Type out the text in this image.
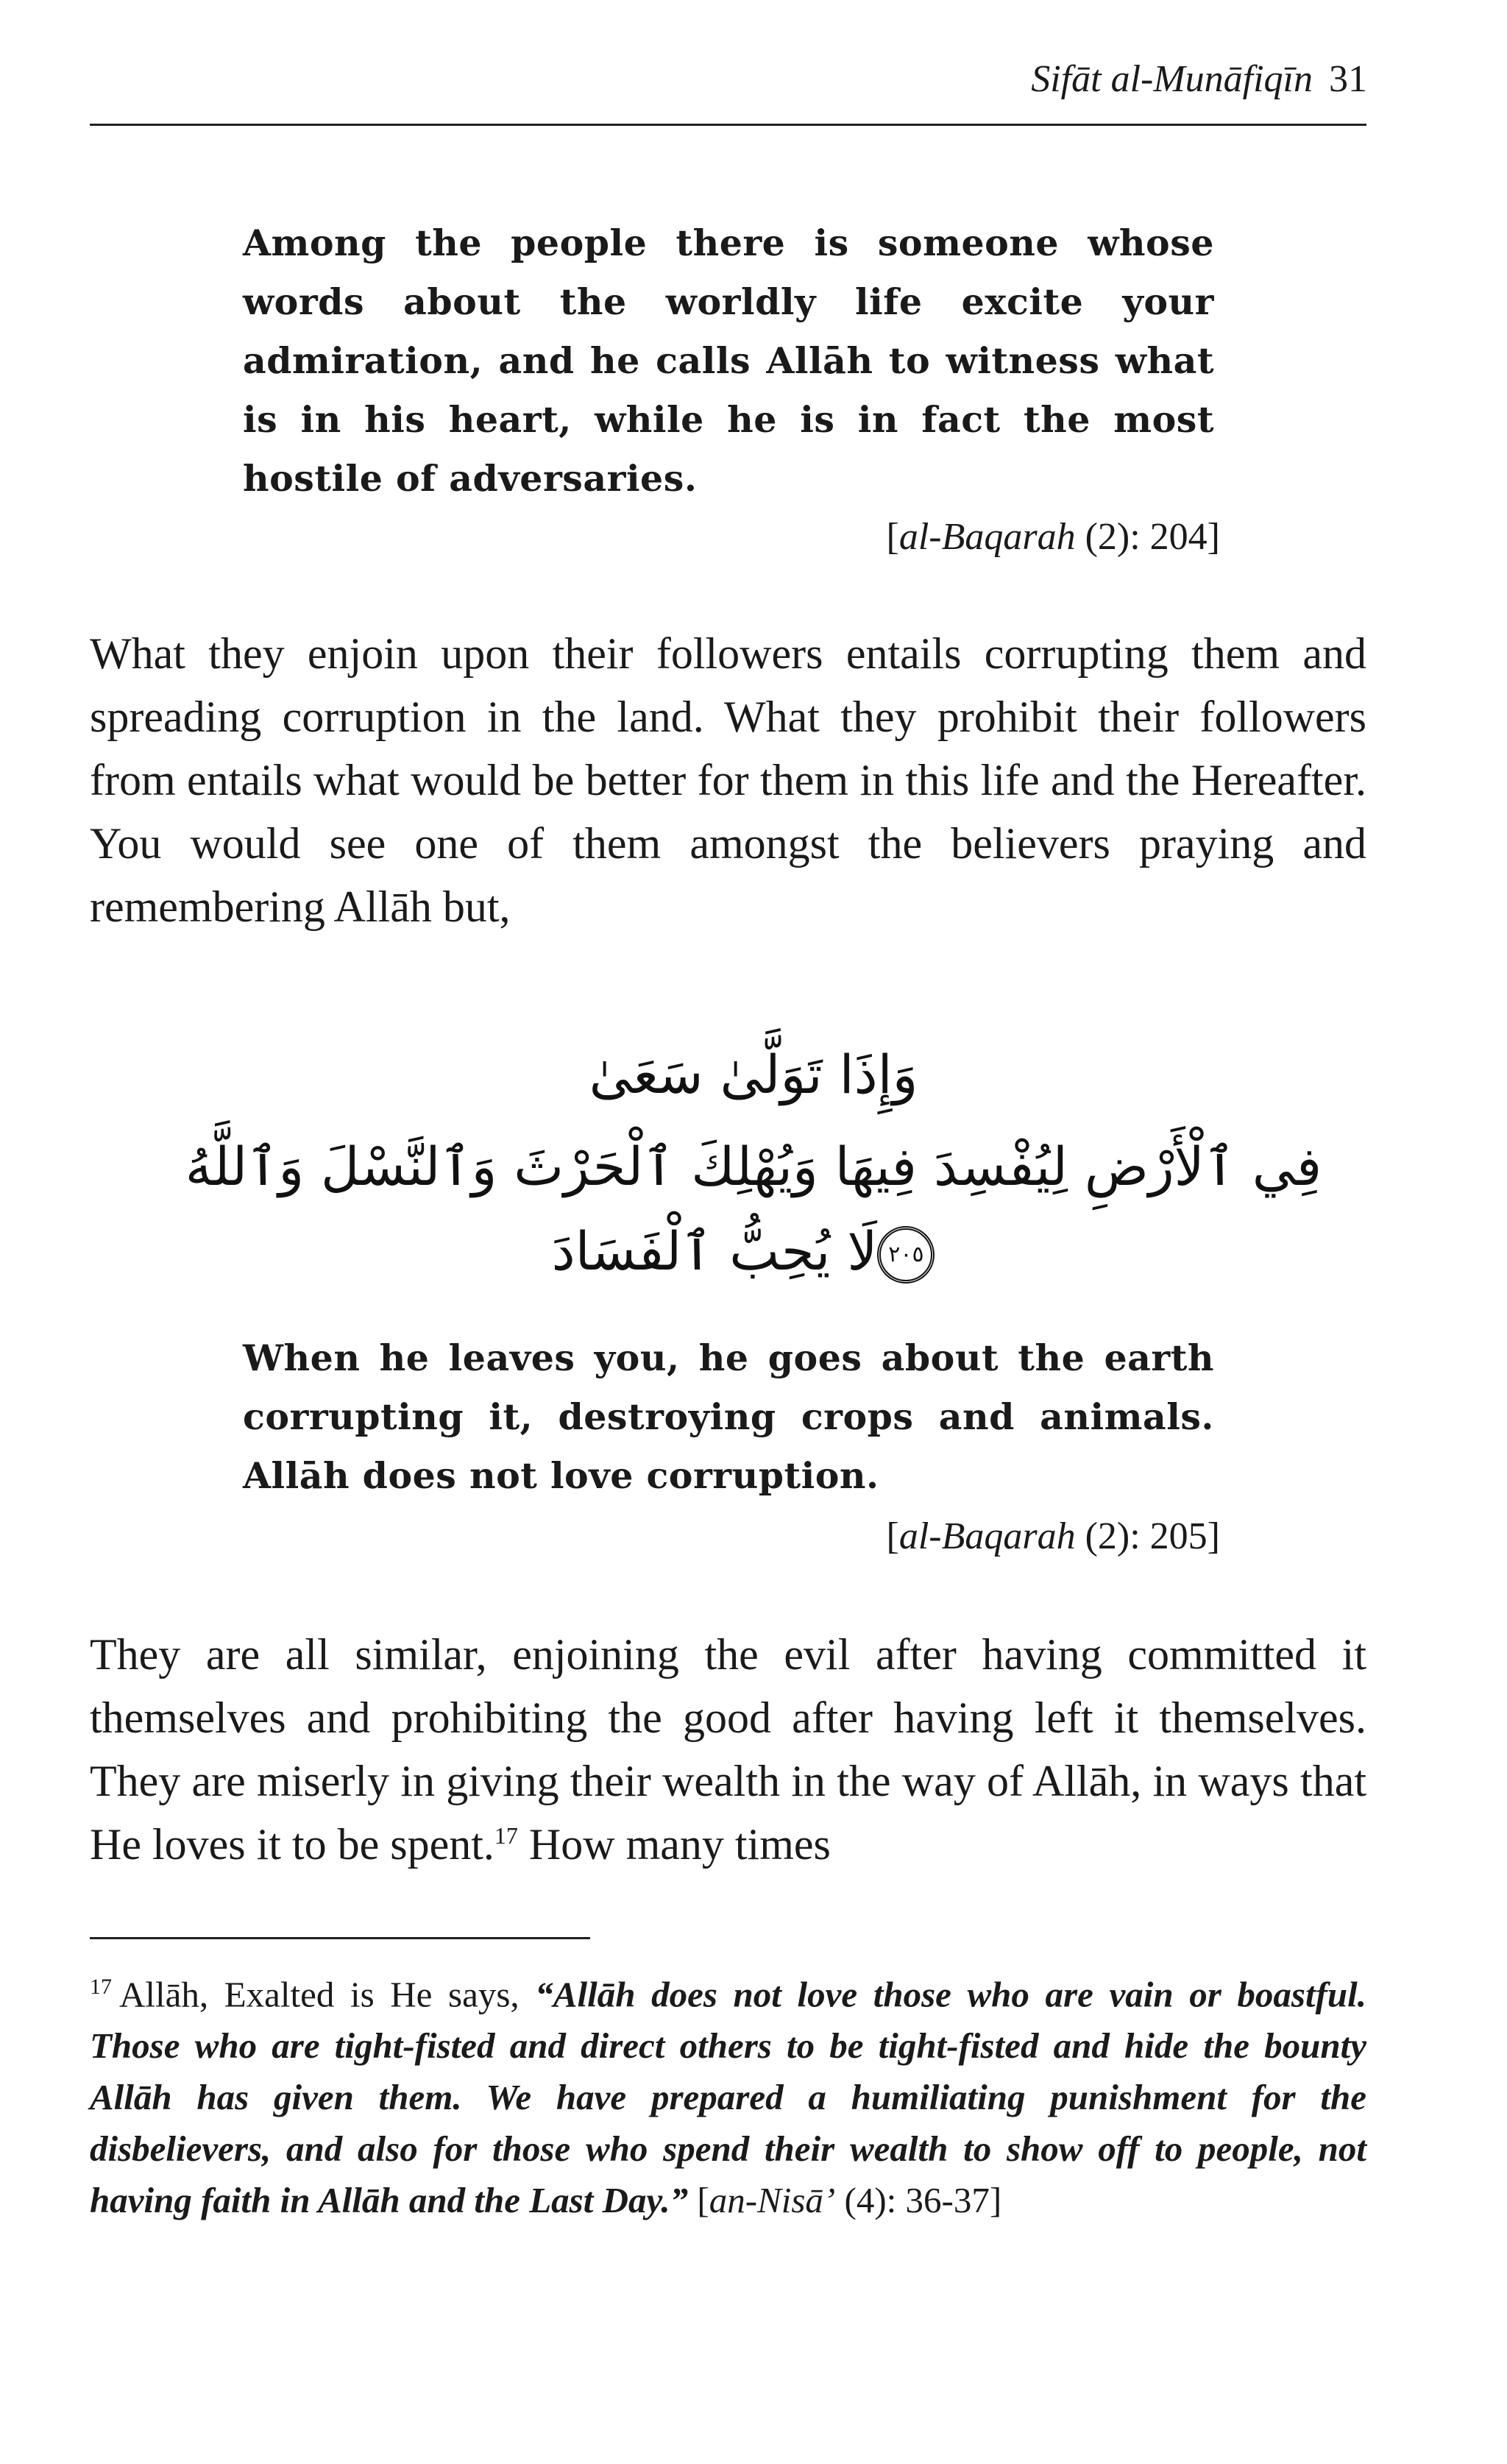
Sifāt al-Munāfiqīn 31
Among the people there is someone whose words about the worldly life excite your admiration, and he calls Allāh to witness what is in his heart, while he is in fact the most hostile of adversaries.
[al-Baqarah (2): 204]
What they enjoin upon their followers entails corrupting them and spreading corruption in the land. What they prohibit their followers from entails what would be better for them in this life and the Hereafter. You would see one of them amongst the believers praying and remembering Allāh but,
وَإِذَا تَوَلَّىٰ سَعَىٰ
فِي ٱلْأَرْضِ لِيُفْسِدَ فِيهَا وَيُهْلِكَ ٱلْحَرْثَ وَٱلنَّسْلَ وَٱللَّهُ
٢٠٥لَا يُحِبُّ ٱلْفَسَادَ
When he leaves you, he goes about the earth corrupting it, destroying crops and animals. Allāh does not love corruption.
[al-Baqarah (2): 205]
They are all similar, enjoining the evil after having committed it themselves and prohibiting the good after having left it themselves. They are miserly in giving their wealth in the way of Allāh, in ways that He loves it to be spent.$^{17}$ How many times
$^{17}$ Allāh, Exalted is He says, “Allāh does not love those who are vain or boastful. Those who are tight-fisted and direct others to be tight-fisted and hide the bounty Allāh has given them. We have prepared a humiliating punishment for the disbelievers, and also for those who spend their wealth to show off to people, not having faith in Allāh and the Last Day.” [an-Nisā’ (4): 36-37]
